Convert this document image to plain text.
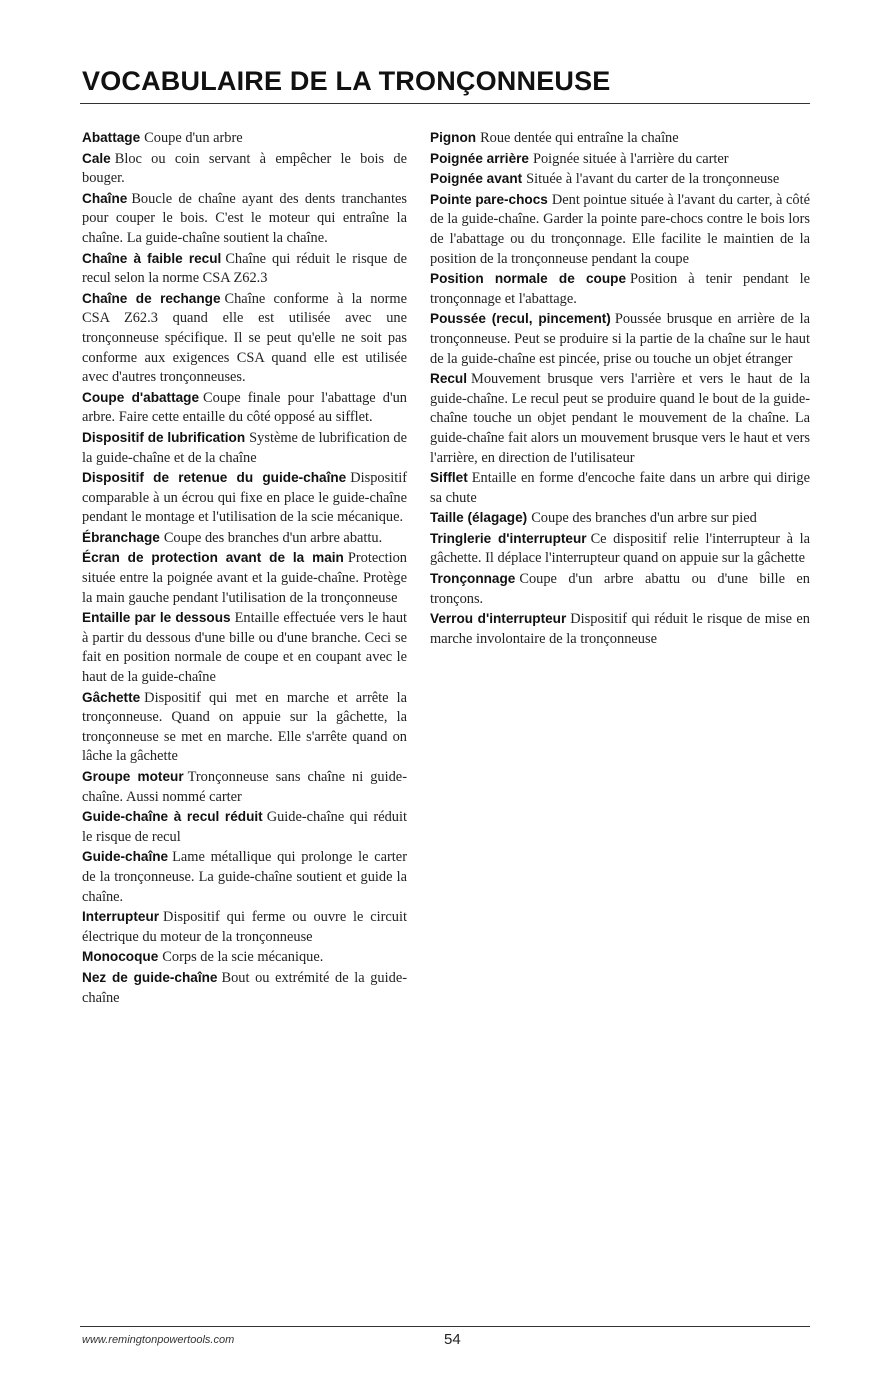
VOCABULAIRE DE LA TRONÇONNEUSE

Abattage Coupe d'un arbre

Cale Bloc ou coin servant à empêcher le bois de bouger.

Chaîne Boucle de chaîne ayant des dents tranchantes pour couper le bois. C'est le moteur qui entraîne la chaîne. La guide-chaîne soutient la chaîne.

Chaîne à faible recul Chaîne qui réduit le risque de recul selon la norme CSA Z62.3

Chaîne de rechange Chaîne conforme à la norme CSA Z62.3 quand elle est utilisée avec une tronçonneuse spécifique. Il se peut qu'elle ne soit pas conforme aux exigences CSA quand elle est utilisée avec d'autres tronçonneuses.

Coupe d'abattage Coupe finale pour l'abattage d'un arbre. Faire cette entaille du côté opposé au sifflet.

Dispositif de lubrification Système de lubrification de la guide-chaîne et de la chaîne

Dispositif de retenue du guide-chaîne Dispositif comparable à un écrou qui fixe en place le guide-chaîne pendant le montage et l'utilisation de la scie mécanique.

Ébranchage Coupe des branches d'un arbre abattu.

Écran de protection avant de la main Protection située entre la poignée avant et la guide-chaîne. Protège la main gauche pendant l'utilisation de la tronçonneuse

Entaille par le dessous Entaille effectuée vers le haut à partir du dessous d'une bille ou d'une branche. Ceci se fait en position normale de coupe et en coupant avec le haut de la guide-chaîne

Gâchette Dispositif qui met en marche et arrête la tronçonneuse. Quand on appuie sur la gâchette, la tronçonneuse se met en marche. Elle s'arrête quand on lâche la gâchette

Groupe moteur Tronçonneuse sans chaîne ni guide-chaîne. Aussi nommé carter

Guide-chaîne à recul réduit Guide-chaîne qui réduit le risque de recul

Guide-chaîne Lame métallique qui prolonge le carter de la tronçonneuse. La guide-chaîne soutient et guide la chaîne.

Interrupteur Dispositif qui ferme ou ouvre le circuit électrique du moteur de la tronçonneuse

Monocoque Corps de la scie mécanique.

Nez de guide-chaîne Bout ou extrémité de la guide-chaîne

Pignon Roue dentée qui entraîne la chaîne

Poignée arrière Poignée située à l'arrière du carter

Poignée avant Située à l'avant du carter de la tronçonneuse

Pointe pare-chocs Dent pointue située à l'avant du carter, à côté de la guide-chaîne. Garder la pointe pare-chocs contre le bois lors de l'abattage ou du tronçonnage. Elle facilite le maintien de la position de la tronçonneuse pendant la coupe

Position normale de coupe Position à tenir pendant le tronçonnage et l'abattage.

Poussée (recul, pincement) Poussée brusque en arrière de la tronçonneuse. Peut se produire si la partie de la chaîne sur le haut de la guide-chaîne est pincée, prise ou touche un objet étranger

Recul Mouvement brusque vers l'arrière et vers le haut de la guide-chaîne. Le recul peut se produire quand le bout de la guide-chaîne touche un objet pendant le mouvement de la chaîne. La guide-chaîne fait alors un mouvement brusque vers le haut et vers l'arrière, en direction de l'utilisateur

Sifflet Entaille en forme d'encoche faite dans un arbre qui dirige sa chute

Taille (élagage) Coupe des branches d'un arbre sur pied

Tringlerie d'interrupteur Ce dispositif relie l'interrupteur à la gâchette. Il déplace l'interrupteur quand on appuie sur la gâchette

Tronçonnage Coupe d'un arbre abattu ou d'une bille en tronçons.

Verrou d'interrupteur Dispositif qui réduit le risque de mise en marche involontaire de la tronçonneuse

www.remingtonpowertools.com	54
